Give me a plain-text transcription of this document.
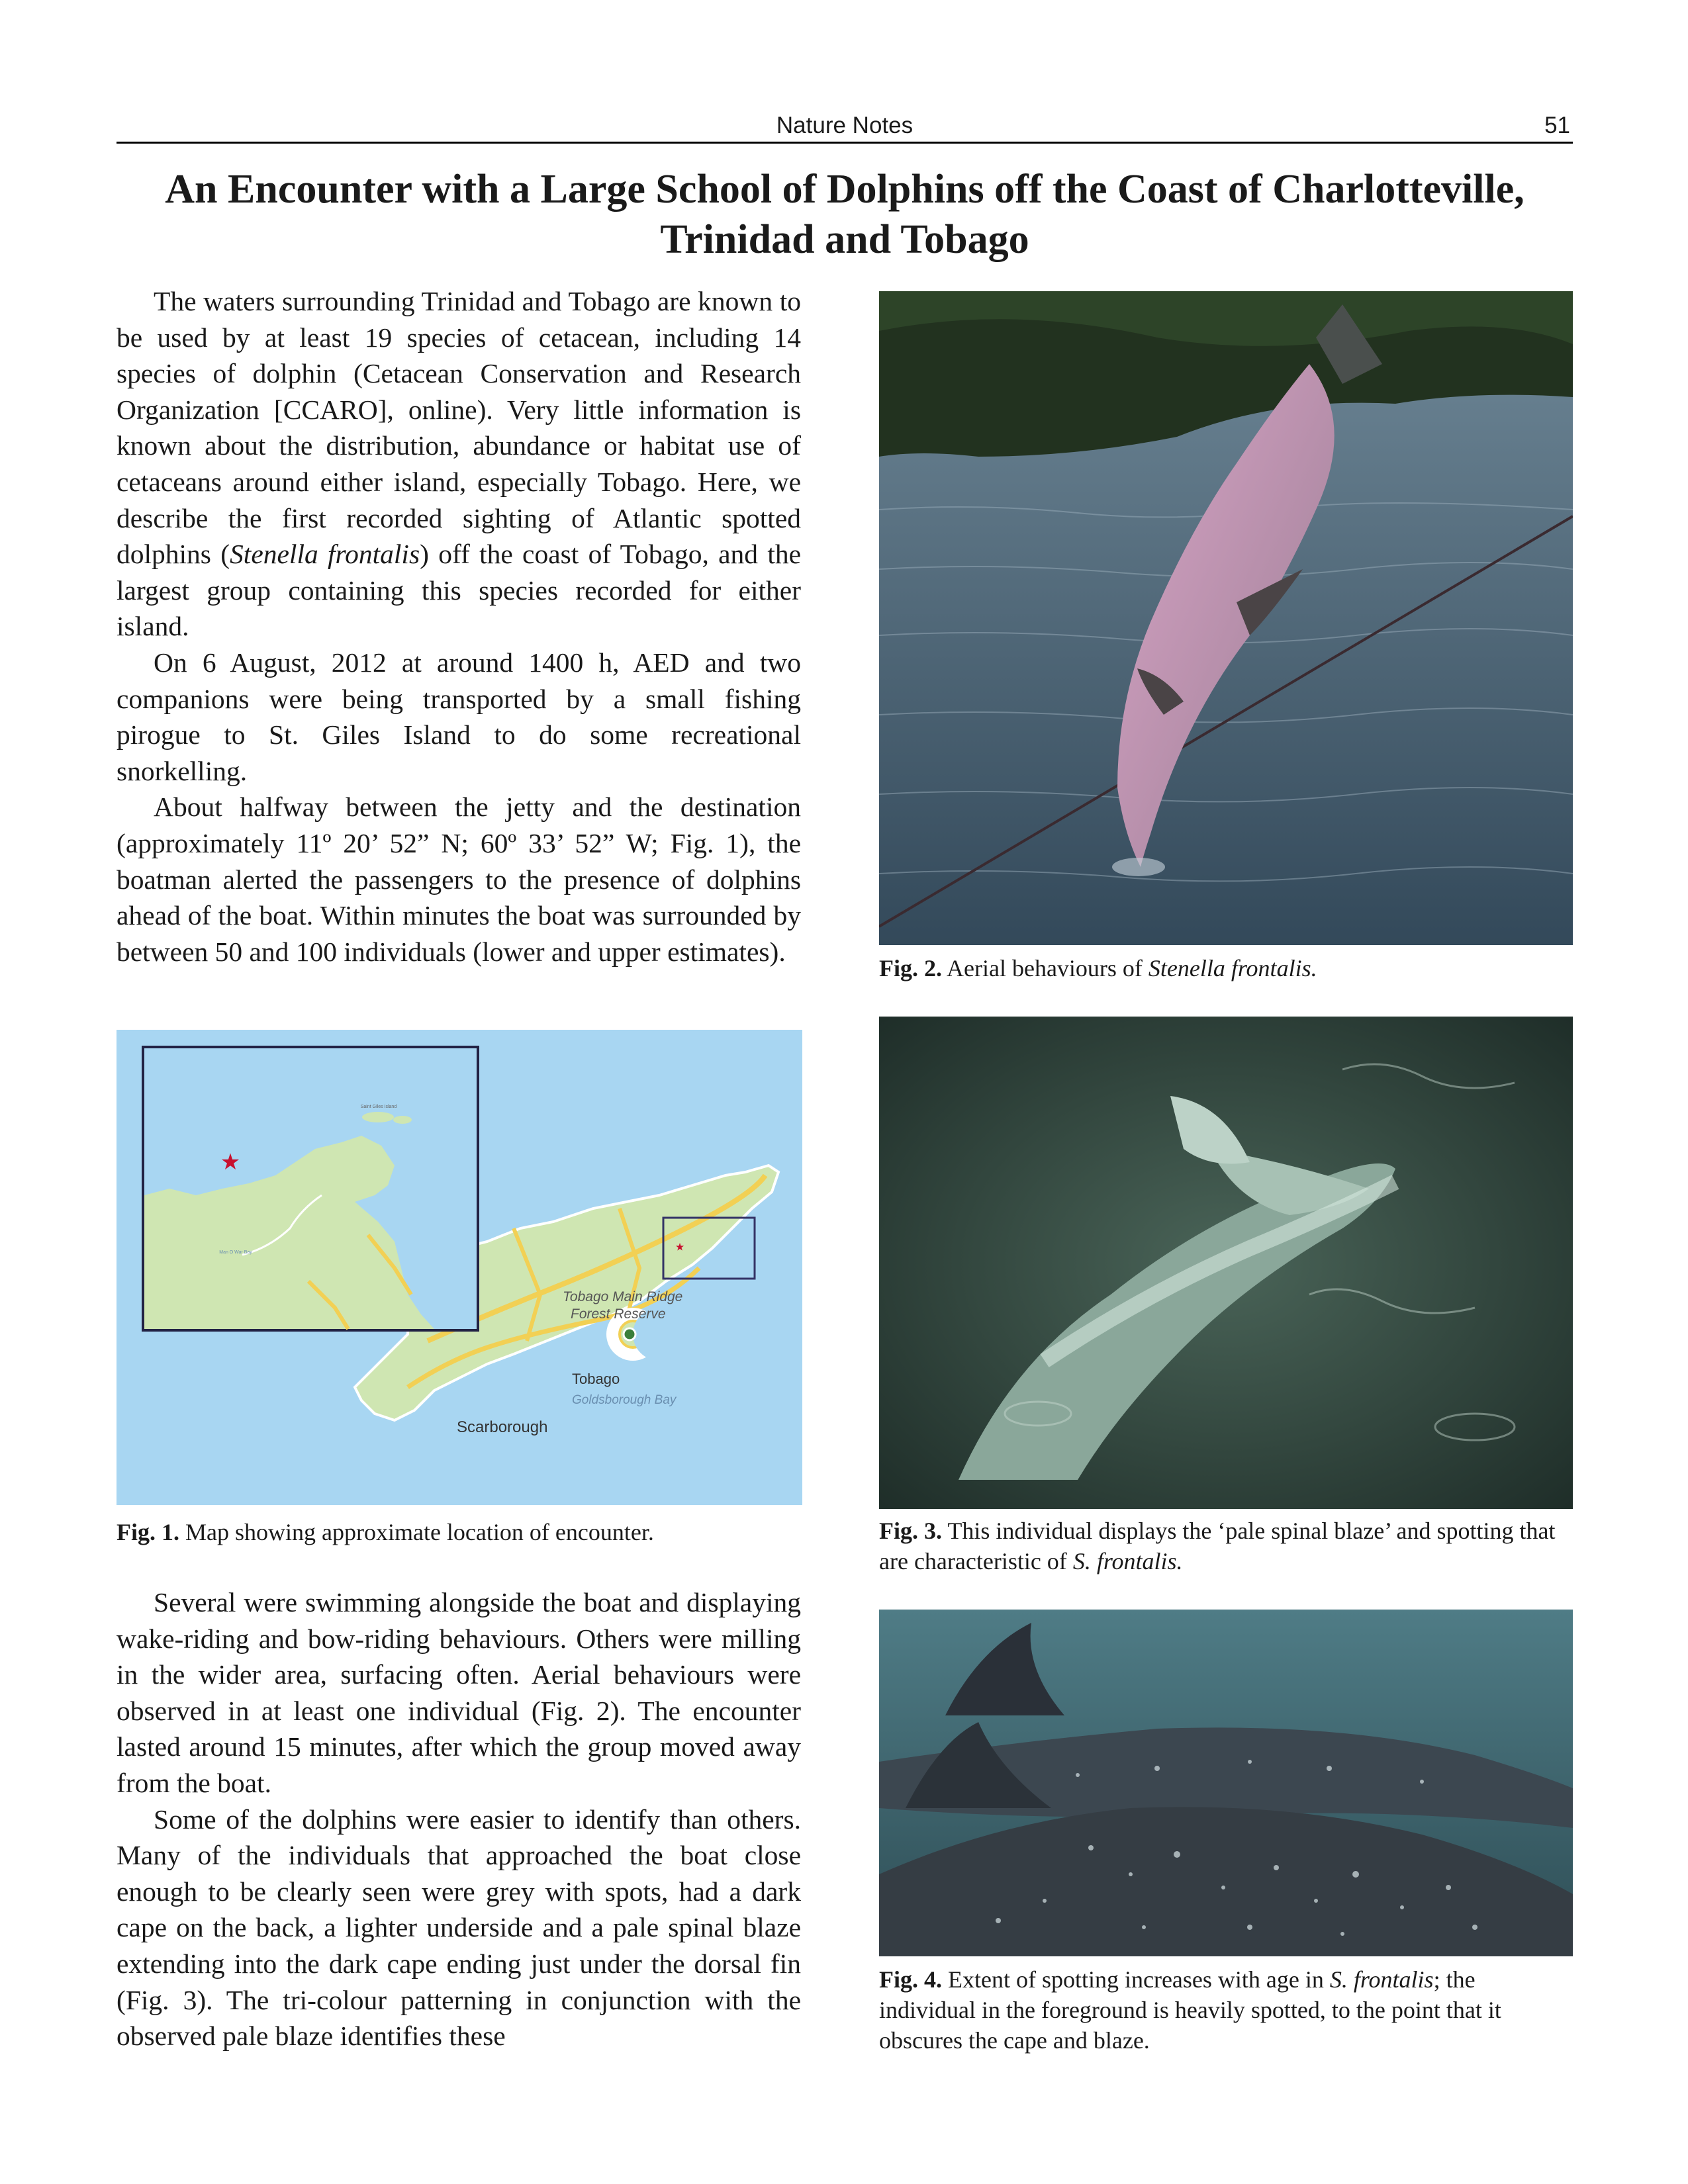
Nature Notes	51
An Encounter with a Large School of Dolphins off the Coast of Charlotteville,
Trinidad and Tobago

The waters surrounding Trinidad and Tobago are known to be used by at least 19 species of cetacean, including 14 species of dolphin (Cetacean Conservation and Research Organization [CCARO], online). Very little information is known about the distribution, abundance or habitat use of cetaceans around either island, especially Tobago. Here, we describe the first recorded sighting of Atlantic spotted dolphins (Stenella frontalis) off the coast of Tobago, and the largest group containing this species recorded for either island.

On 6 August, 2012 at around 1400 h, AED and two companions were being transported by a small fishing pirogue to St. Giles Island to do some recreational snorkelling.

About halfway between the jetty and the destination (approximately 11º 20’ 52” N; 60º 33’ 52” W; Fig. 1), the boatman alerted the passengers to the presence of dolphins ahead of the boat. Within minutes the boat was surrounded by between 50 and 100 individuals (lower and upper estimates).

Tobago Main Ridge
Forest Reserve
Tobago
Goldsborough Bay
Scarborough
★
Saint Giles Island
Man O War Bay
★
Fig. 1. Map showing approximate location of encounter.

Several were swimming alongside the boat and displaying wake-riding and bow-riding behaviours. Others were milling in the wider area, surfacing often. Aerial behaviours were observed in at least one individual (Fig. 2). The encounter lasted around 15 minutes, after which the group moved away from the boat.

Some of the dolphins were easier to identify than others. Many of the individuals that approached the boat close enough to be clearly seen were grey with spots, had a dark cape on the back, a lighter underside and a pale spinal blaze extending into the dark cape ending just under the dorsal fin (Fig. 3). The tri-colour patterning in conjunction with the observed pale blaze identifies these

Fig. 2. Aerial behaviours of Stenella frontalis.
Fig. 3. This individual displays the ‘pale spinal blaze’ and spotting that are characteristic of S. frontalis.
Fig. 4. Extent of spotting increases with age in S. frontalis; the individual in the foreground is heavily spotted, to the point that it obscures the cape and blaze.
